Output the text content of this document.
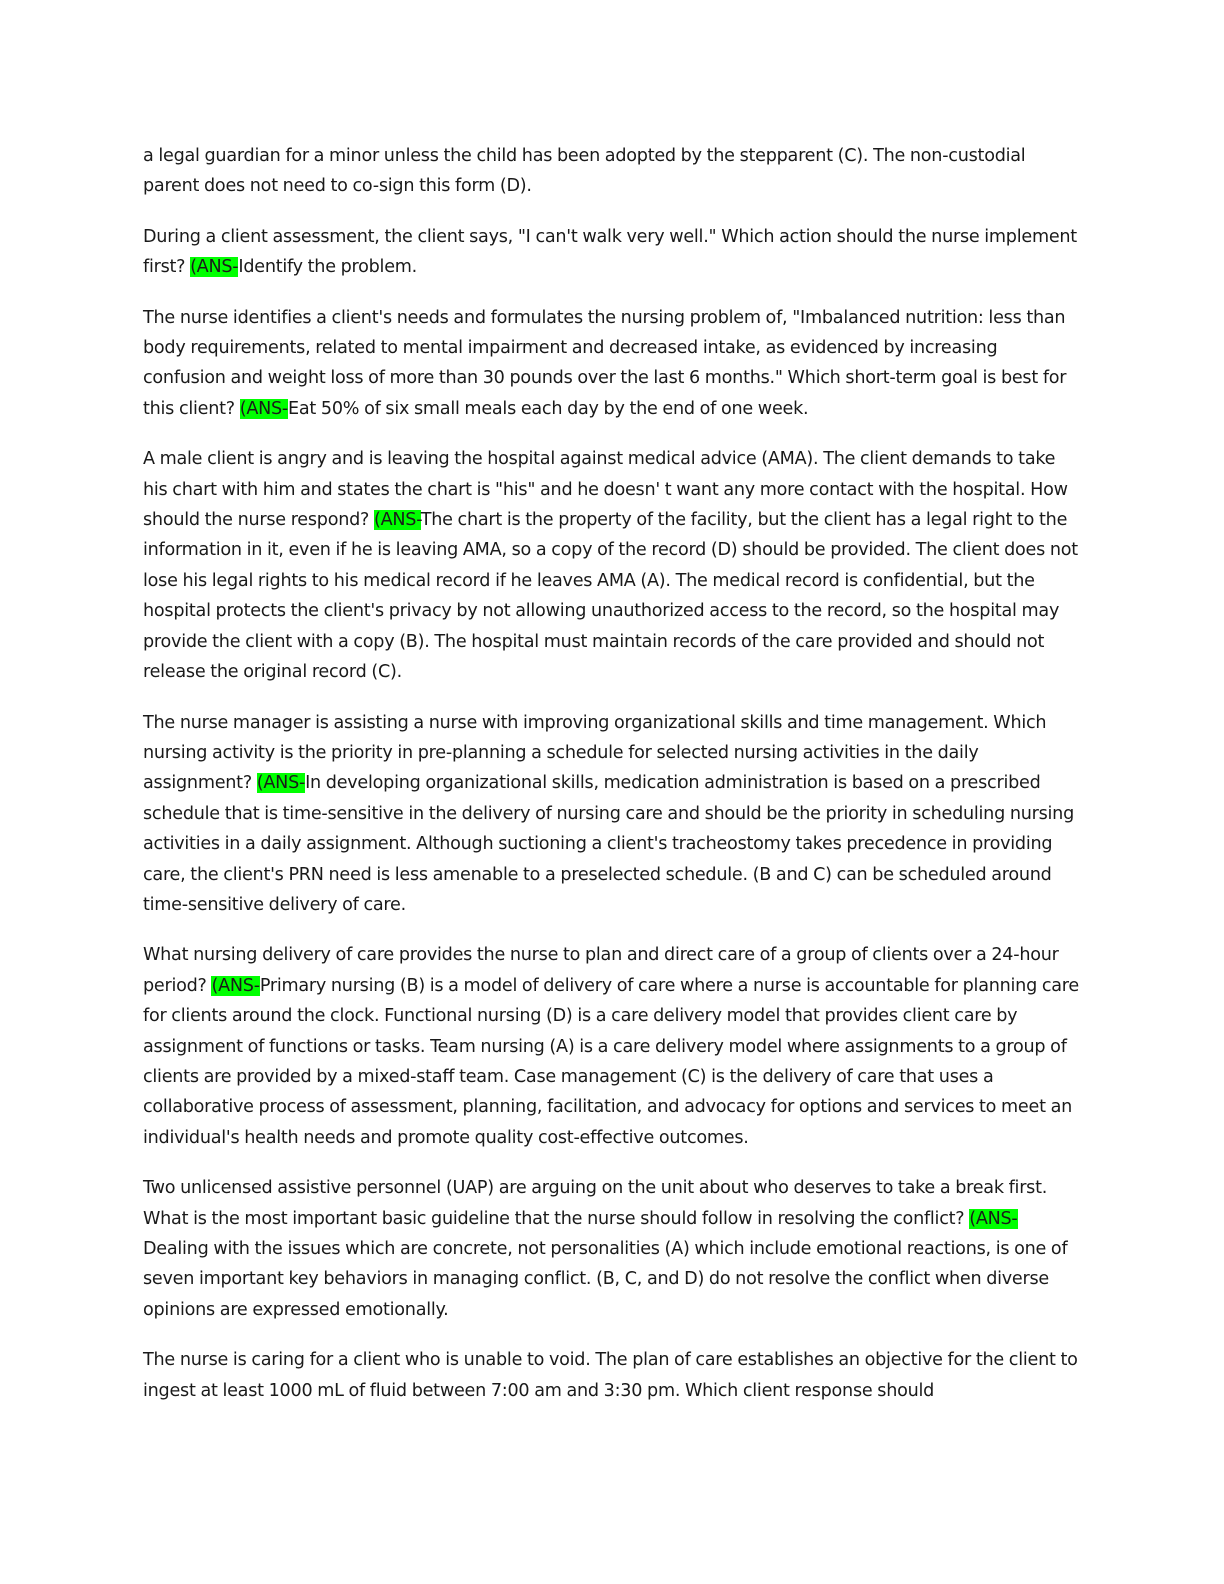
a legal guardian for a minor unless the child has been adopted by the stepparent (C). The non-custodial parent does not need to co-sign this form (D).

During a client assessment, the client says, "I can't walk very well." Which action should the nurse implement first? (ANS-Identify the problem.

The nurse identifies a client's needs and formulates the nursing problem of, "Imbalanced nutrition: less than body requirements, related to mental impairment and decreased intake, as evidenced by increasing confusion and weight loss of more than 30 pounds over the last 6 months." Which short-term goal is best for this client? (ANS-Eat 50% of six small meals each day by the end of one week.

A male client is angry and is leaving the hospital against medical advice (AMA). The client demands to take his chart with him and states the chart is "his" and he doesn' t want any more contact with the hospital. How should the nurse respond? (ANS-The chart is the property of the facility, but the client has a legal right to the information in it, even if he is leaving AMA, so a copy of the record (D) should be provided. The client does not lose his legal rights to his medical record if he leaves AMA (A). The medical record is confidential, but the hospital protects the client's privacy by not allowing unauthorized access to the record, so the hospital may provide the client with a copy (B). The hospital must maintain records of the care provided and should not release the original record (C).

The nurse manager is assisting a nurse with improving organizational skills and time management. Which nursing activity is the priority in pre-planning a schedule for selected nursing activities in the daily assignment? (ANS-In developing organizational skills, medication administration is based on a prescribed schedule that is time-sensitive in the delivery of nursing care and should be the priority in scheduling nursing activities in a daily assignment. Although suctioning a client's tracheostomy takes precedence in providing care, the client's PRN need is less amenable to a preselected schedule. (B and C) can be scheduled around time-sensitive delivery of care.

What nursing delivery of care provides the nurse to plan and direct care of a group of clients over a 24-hour period? (ANS-Primary nursing (B) is a model of delivery of care where a nurse is accountable for planning care for clients around the clock. Functional nursing (D) is a care delivery model that provides client care by assignment of functions or tasks. Team nursing (A) is a care delivery model where assignments to a group of clients are provided by a mixed-staff team. Case management (C) is the delivery of care that uses a collaborative process of assessment, planning, facilitation, and advocacy for options and services to meet an individual's health needs and promote quality cost-effective outcomes.

Two unlicensed assistive personnel (UAP) are arguing on the unit about who deserves to take a break first. What is the most important basic guideline that the nurse should follow in resolving the conflict? (ANS-Dealing with the issues which are concrete, not personalities (A) which include emotional reactions, is one of seven important key behaviors in managing conflict. (B, C, and D) do not resolve the conflict when diverse opinions are expressed emotionally.

The nurse is caring for a client who is unable to void. The plan of care establishes an objective for the client to ingest at least 1000 mL of fluid between 7:00 am and 3:30 pm. Which client response should
